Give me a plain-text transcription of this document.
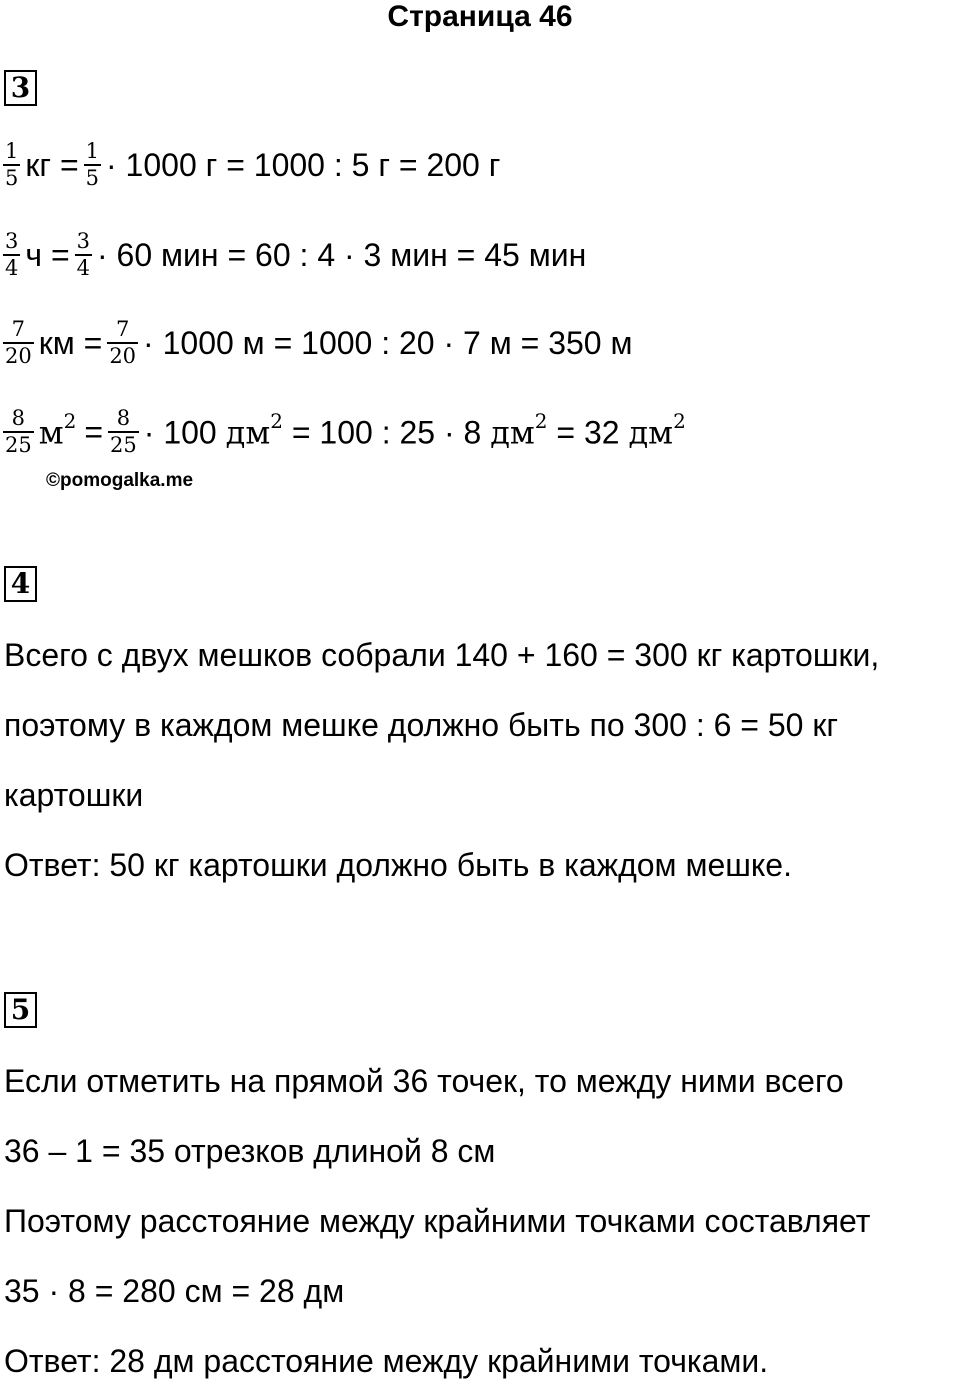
Страница 46
3
$\frac{1}{5}$ кг = $\frac{1}{5} \cdot 1000$ г = 1000 : 5 г = 200 г
$\frac{3}{4}$ $ч = \frac{3}{4} \cdot 60$ мин = 60 : 4 · 3 мин = 45 мин
$\frac{7}{20}$ км = $\frac{7}{20} \cdot 1000$ м = 1000 : 20 · 7 м = 350 м
$\frac{8}{25} м^2 = \frac{8}{25} \cdot 100$ $дм^2 = 100$ : 25 · 8 $дм^2 = 32$ $дм^2$
©pomogalka.me
4
Всего с двух мешков собрали 140 + 160 = 300 кг картошки,
поэтому в каждом мешке должно быть по 300 : 6 = 50 кг
картошки
Ответ: 50 кг картошки должно быть в каждом мешке.
5
Если отметить на прямой 36 точек, то между ними всего
36 – 1 = 35 отрезков длиной 8 см
Поэтому расстояние между крайними точками составляет
35 · 8 = 280 см = 28 дм
Ответ: 28 дм расстояние между крайними точками.
